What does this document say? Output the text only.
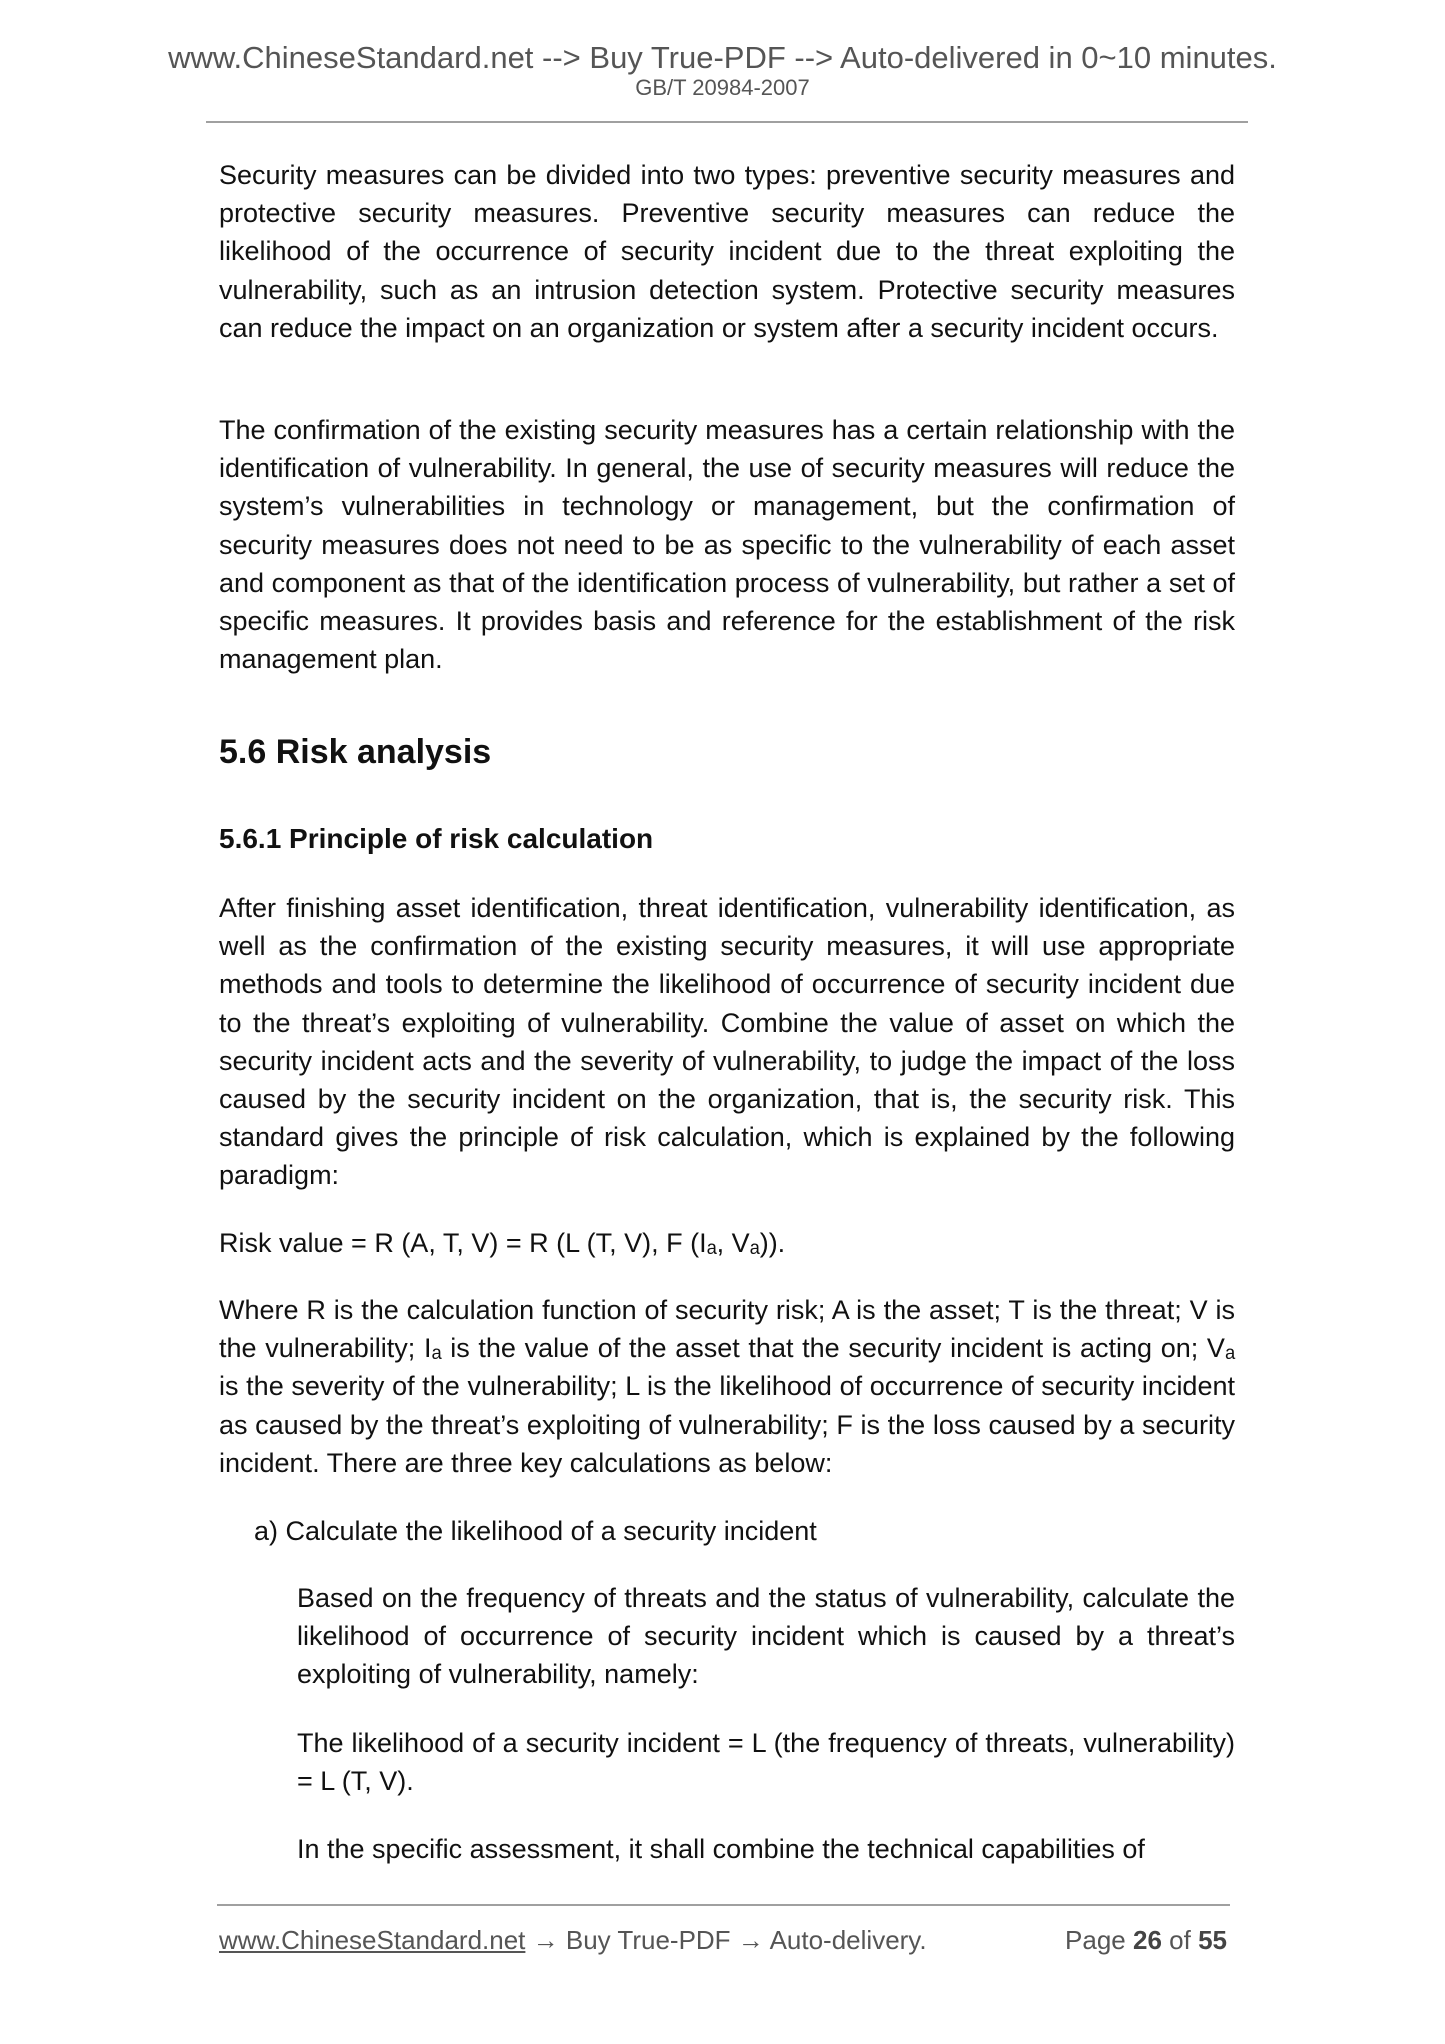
www.ChineseStandard.net --> Buy True-PDF --> Auto-delivered in 0~10 minutes.
GB/T 20984-2007

Security measures can be divided into two types: preventive security measures and protective security measures. Preventive security measures can reduce the likelihood of the occurrence of security incident due to the threat exploiting the vulnerability, such as an intrusion detection system. Protective security measures can reduce the impact on an organization or system after a security incident occurs.

The confirmation of the existing security measures has a certain relationship with the identification of vulnerability. In general, the use of security measures will reduce the system’s vulnerabilities in technology or management, but the confirmation of security measures does not need to be as specific to the vulnerability of each asset and component as that of the identification process of vulnerability, but rather a set of specific measures. It provides basis and reference for the establishment of the risk management plan.

5.6 Risk analysis
5.6.1 Principle of risk calculation

After finishing asset identification, threat identification, vulnerability identification, as well as the confirmation of the existing security measures, it will use appropriate methods and tools to determine the likelihood of occurrence of security incident due to the threat’s exploiting of vulnerability. Combine the value of asset on which the security incident acts and the severity of vulnerability, to judge the impact of the loss caused by the security incident on the organization, that is, the security risk. This standard gives the principle of risk calculation, which is explained by the following paradigm:

Risk value = R (A, T, V) = R (L (T, V), F (Iₐ, Vₐ)).

Where R is the calculation function of security risk; A is the asset; T is the threat; V is the vulnerability; Iₐ is the value of the asset that the security incident is acting on; Vₐ is the severity of the vulnerability; L is the likelihood of occurrence of security incident as caused by the threat’s exploiting of vulnerability; F is the loss caused by a security incident. There are three key calculations as below:

a) Calculate the likelihood of a security incident

Based on the frequency of threats and the status of vulnerability, calculate the likelihood of occurrence of security incident which is caused by a threat’s exploiting of vulnerability, namely:

The likelihood of a security incident = L (the frequency of threats, vulnerability) = L (T, V).

In the specific assessment, it shall combine the technical capabilities of

www.ChineseStandard.net → Buy True-PDF → Auto-delivery.	Page 26 of 55
